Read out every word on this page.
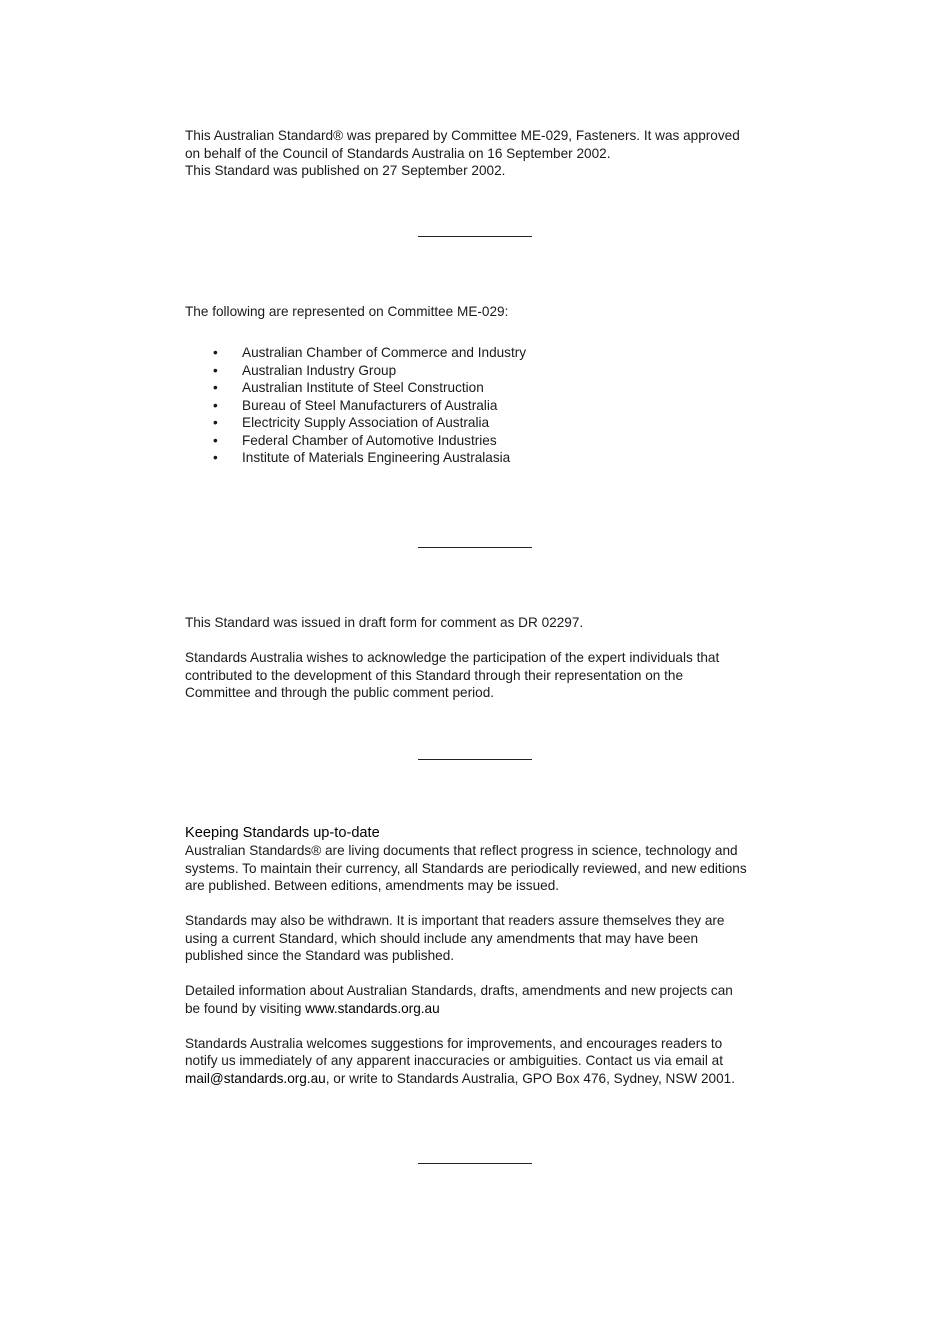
This Australian Standard® was prepared by Committee ME-029, Fasteners. It was approved

on behalf of the Council of Standards Australia on 16 September 2002.

This Standard was published on 27 September 2002.

The following are represented on Committee ME-029:

• Australian Chamber of Commerce and Industry
• Australian Industry Group
• Australian Institute of Steel Construction
• Bureau of Steel Manufacturers of Australia
• Electricity Supply Association of Australia
• Federal Chamber of Automotive Industries
• Institute of Materials Engineering Australasia

This Standard was issued in draft form for comment as DR 02297.

Standards Australia wishes to acknowledge the participation of the expert individuals that

contributed to the development of this Standard through their representation on the

Committee and through the public comment period.

Keeping Standards up-to-date

Australian Standards® are living documents that reflect progress in science, technology and

systems. To maintain their currency, all Standards are periodically reviewed, and new editions

are published. Between editions, amendments may be issued.

Standards may also be withdrawn. It is important that readers assure themselves they are

using a current Standard, which should include any amendments that may have been

published since the Standard was published.

Detailed information about Australian Standards, drafts, amendments and new projects can

be found by visiting www.standards.org.au

Standards Australia welcomes suggestions for improvements, and encourages readers to

notify us immediately of any apparent inaccuracies or ambiguities. Contact us via email at

mail@standards.org.au, or write to Standards Australia, GPO Box 476, Sydney, NSW 2001.
